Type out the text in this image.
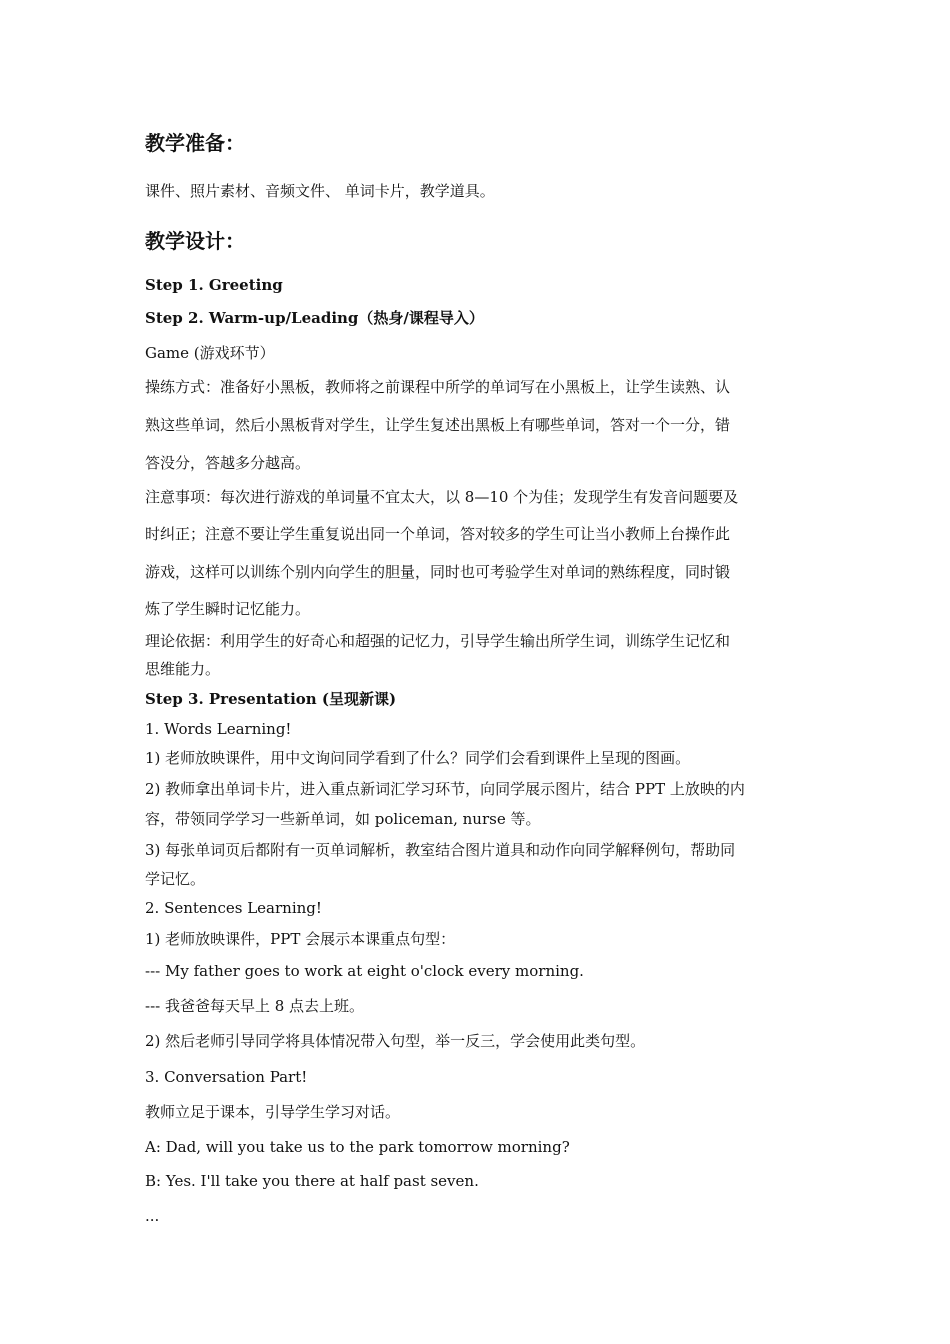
教学准备：
课件、照片素材、音频文件、 单词卡片，教学道具。
教学设计：
Step 1. Greeting
Step 2. Warm-up/Leading（热身/课程导入）
Game (游戏环节）
操练方式：准备好小黑板，教师将之前课程中所学的单词写在小黑板上，让学生读熟、认
熟这些单词，然后小黑板背对学生，让学生复述出黑板上有哪些单词，答对一个一分，错
答没分，答越多分越高。
注意事项：每次进行游戏的单词量不宜太大，以 8—10 个为佳；发现学生有发音问题要及
时纠正；注意不要让学生重复说出同一个单词，答对较多的学生可让当小教师上台操作此
游戏，这样可以训练个别内向学生的胆量，同时也可考验学生对单词的熟练程度，同时锻
炼了学生瞬时记忆能力。
理论依据：利用学生的好奇心和超强的记忆力，引导学生输出所学生词，训练学生记忆和
思维能力。
Step 3. Presentation (呈现新课)
1. Words Learning!
1) 老师放映课件，用中文询问同学看到了什么？同学们会看到课件上呈现的图画。
2) 教师拿出单词卡片，进入重点新词汇学习环节，向同学展示图片，结合 PPT 上放映的内
容，带领同学学习一些新单词，如 policeman, nurse 等。
3) 每张单词页后都附有一页单词解析，教室结合图片道具和动作向同学解释例句，帮助同
学记忆。
2. Sentences Learning!
1) 老师放映课件，PPT 会展示本课重点句型：
--- My father goes to work at eight o'clock every morning.
--- 我爸爸每天早上 8 点去上班。
2) 然后老师引导同学将具体情况带入句型，举一反三，学会使用此类句型。
3. Conversation Part!
教师立足于课本，引导学生学习对话。
A: Dad, will you take us to the park tomorrow morning?
B: Yes. I'll take you there at half past seven.
...
